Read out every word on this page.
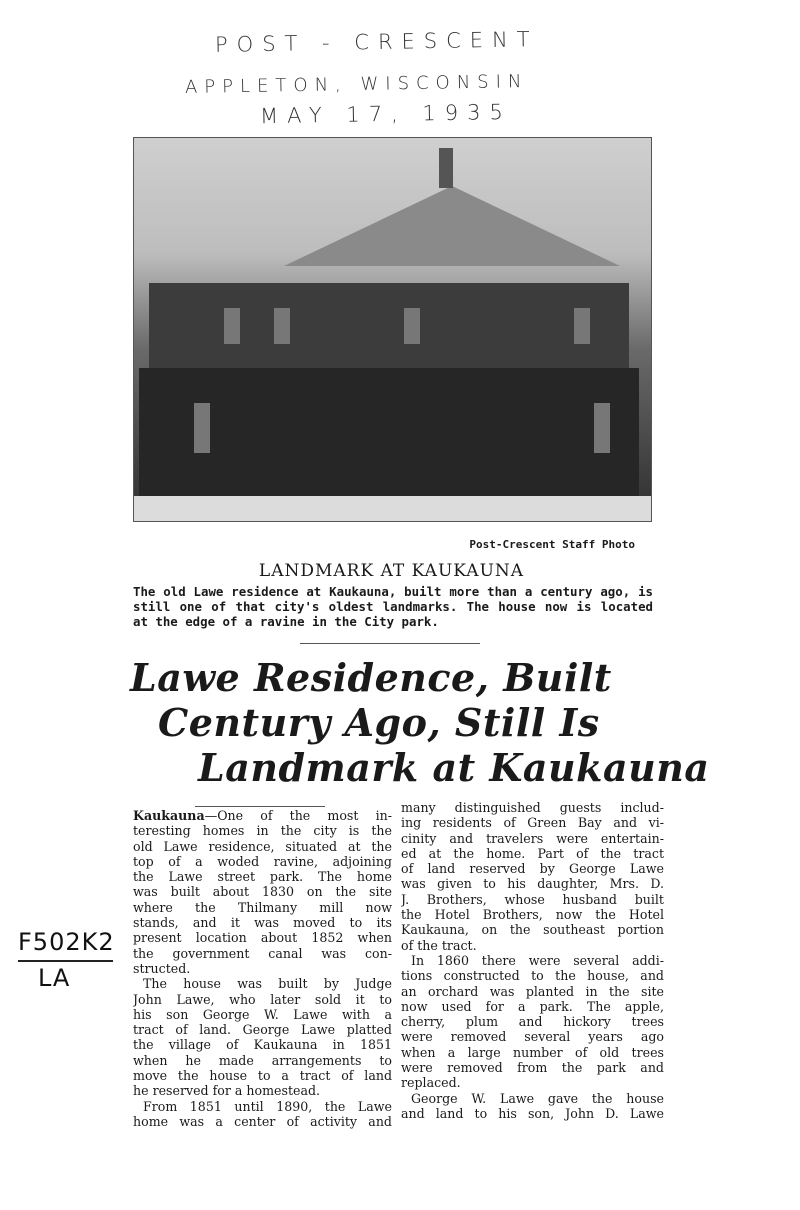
POST - CRESCENT
APPLETON, WISCONSIN
MAY 17, 1935
Post-Crescent Staff Photo
LANDMARK AT KAUKAUNA
The old Lawe residence at Kaukauna, built more than a century ago, is still one of that city's oldest landmarks. The house now is located at the edge of a ravine in the City park.
Lawe Residence, Built
Century Ago, Still Is
Landmark at Kaukauna
Kaukauna—One of the most in-
teresting homes in the city is the
old Lawe residence, situated at the
top of a woded ravine, adjoining
the Lawe street park. The home
was built about 1830 on the site
where the Thilmany mill now
stands, and it was moved to its
present location about 1852 when
the government canal was con-
structed.
The house was built by Judge
John Lawe, who later sold it to
his son George W. Lawe with a
tract of land. George Lawe platted
the village of Kaukauna in 1851
when he made arrangements to
move the house to a tract of land
he reserved for a homestead.
From 1851 until 1890, the Lawe
home was a center of activity and
many distinguished guests includ-
ing residents of Green Bay and vi-
cinity and travelers were entertain-
ed at the home. Part of the tract
of land reserved by George Lawe
was given to his daughter, Mrs. D.
J. Brothers, whose husband built
the Hotel Brothers, now the Hotel
Kaukauna, on the southeast portion
of the tract.
In 1860 there were several addi-
tions constructed to the house, and
an orchard was planted in the site
now used for a park. The apple,
cherry, plum and hickory trees
were removed several years ago
when a large number of old trees
were removed from the park and
replaced.
George W. Lawe gave the house
and land to his son, John D. Lawe
F502K2
LA
